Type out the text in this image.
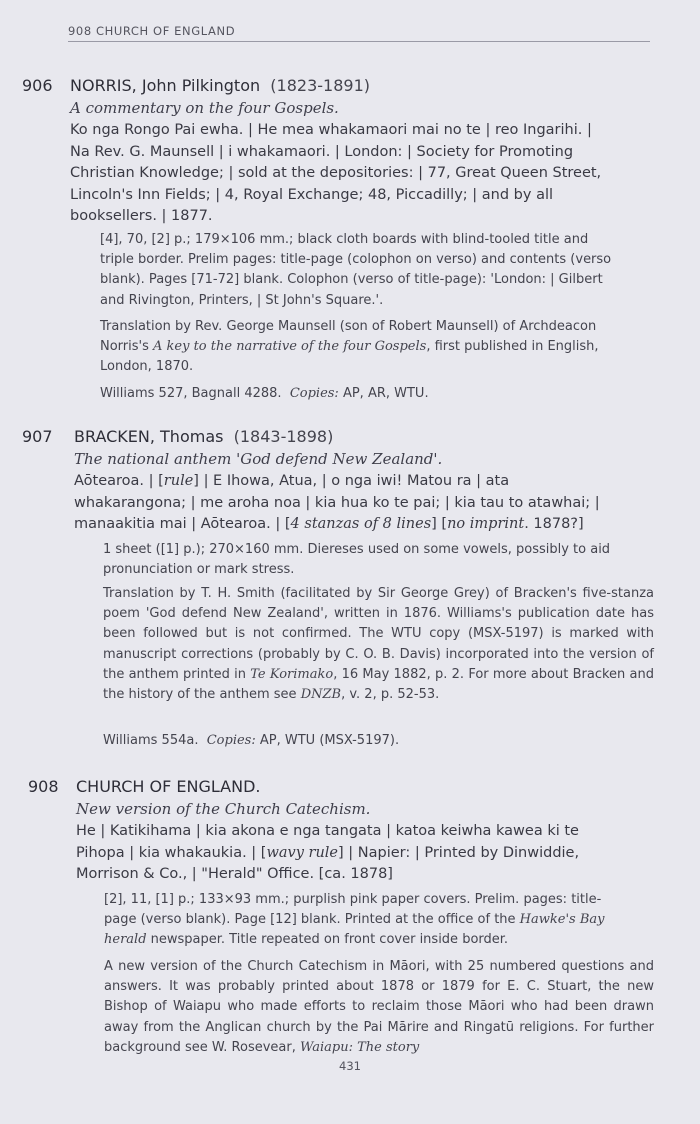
908 CHURCH OF ENGLAND
906 NORRIS, John Pilkington (1823-1891)
A commentary on the four Gospels.
Ko nga Rongo Pai ewha. | He mea whakamaori mai no te | reo Ingarihi. |
Na Rev. G. Maunsell | i whakamaori. | London: | Society for Promoting
Christian Knowledge; | sold at the depositories: | 77, Great Queen Street,
Lincoln's Inn Fields; | 4, Royal Exchange; 48, Piccadilly; | and by all
booksellers. | 1877.
[4], 70, [2] p.; 179×106 mm.; black cloth boards with blind-tooled title and
triple border. Prelim pages: title-page (colophon on verso) and contents (verso
blank). Pages [71-72] blank. Colophon (verso of title-page): 'London: | Gilbert
and Rivington, Printers, | St John's Square.'.
Translation by Rev. George Maunsell (son of Robert Maunsell) of Archdeacon
Norris's A key to the narrative of the four Gospels, first published in English,
London, 1870.
Williams 527, Bagnall 4288. Copies: AP, AR, WTU.
907 BRACKEN, Thomas (1843-1898)
The national anthem 'God defend New Zealand'.
Aōtearoa. | [rule] | E Ihowa, Atua, | o nga iwi! Matou ra | ata
whakarangona; | me aroha noa | kia hua ko te pai; | kia tau to atawhai; |
manaakitia mai | Aōtearoa. | [4 stanzas of 8 lines] [no imprint. 1878?]
1 sheet ([1] p.); 270×160 mm. Diereses used on some vowels, possibly to aid
pronunciation or mark stress.
Translation by T. H. Smith (facilitated by Sir George Grey) of Bracken's five-stanza poem 'God defend New Zealand', written in 1876. Williams's publication date has been followed but is not confirmed. The WTU copy (MSX-5197) is marked with manuscript corrections (probably by C. O. B. Davis) incorporated into the version of the anthem printed in Te Korimako, 16 May 1882, p. 2. For more about Bracken and the history of the anthem see DNZB, v. 2, p. 52-53.
Williams 554a. Copies: AP, WTU (MSX-5197).
908 CHURCH OF ENGLAND.
New version of the Church Catechism.
He | Katikihama | kia akona e nga tangata | katoa keiwha kawea ki te
Pihopa | kia whakaukia. | [wavy rule] | Napier: | Printed by Dinwiddie,
Morrison & Co., | "Herald" Office. [ca. 1878]
[2], 11, [1] p.; 133×93 mm.; purplish pink paper covers. Prelim. pages: title-
page (verso blank). Page [12] blank. Printed at the office of the Hawke's Bay
herald newspaper. Title repeated on front cover inside border.
A new version of the Church Catechism in Māori, with 25 numbered questions and answers. It was probably printed about 1878 or 1879 for E. C. Stuart, the new Bishop of Waiapu who made efforts to reclaim those Māori who had been drawn away from the Anglican church by the Pai Mārire and Ringatū religions. For further background see W. Rosevear, Waiapu: The story
431
